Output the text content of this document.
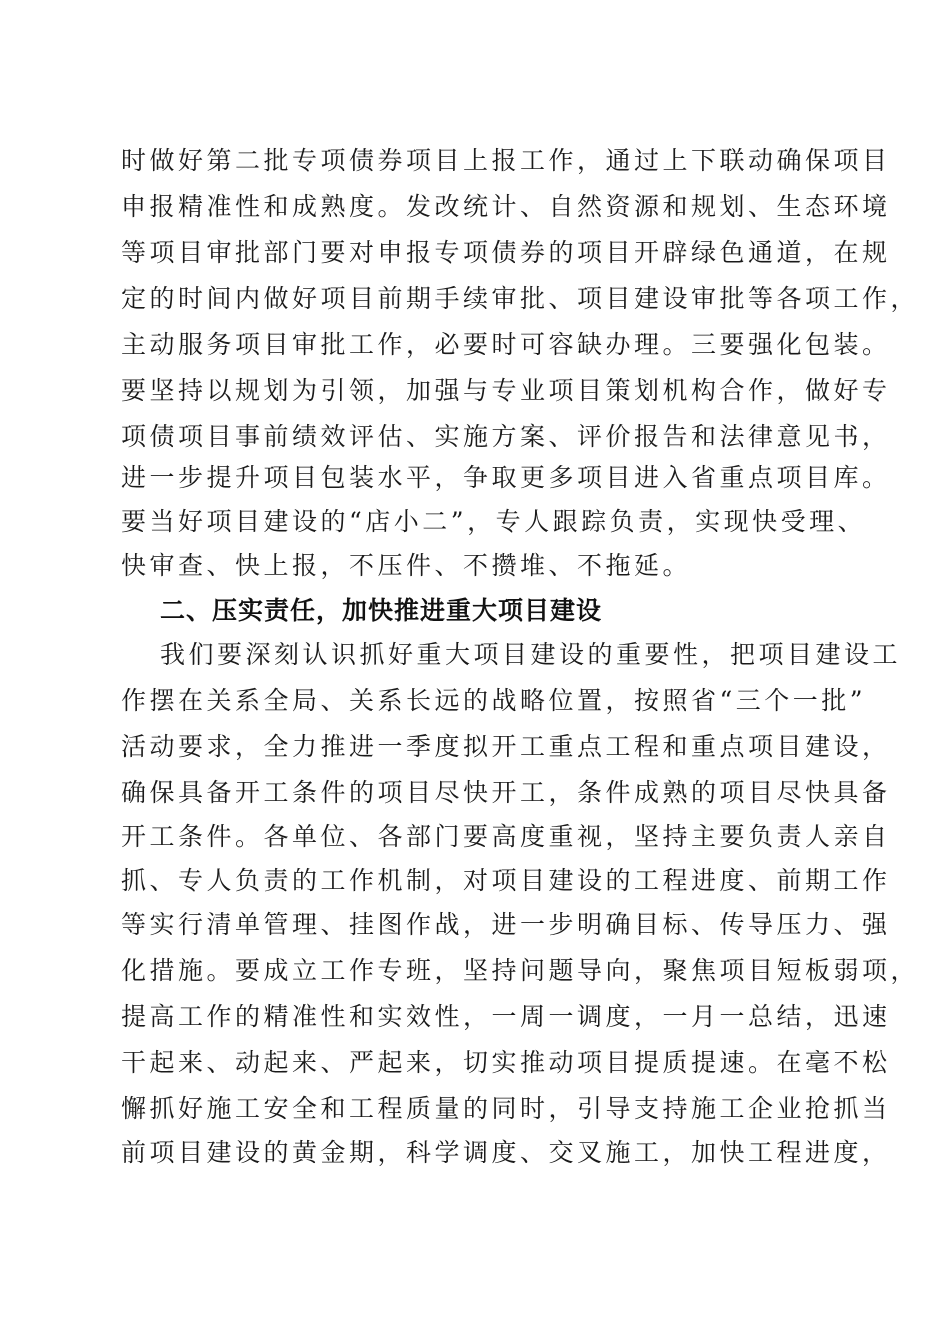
时做好第二批专项债券项目上报工作，通过上下联动确保项目
申报精准性和成熟度。发改统计、自然资源和规划、生态环境
等项目审批部门要对申报专项债券的项目开辟绿色通道，在规
定的时间内做好项目前期手续审批、项目建设审批等各项工作，
主动服务项目审批工作，必要时可容缺办理。三要强化包装。
要坚持以规划为引领，加强与专业项目策划机构合作，做好专
项债项目事前绩效评估、实施方案、评价报告和法律意见书，
进一步提升项目包装水平，争取更多项目进入省重点项目库。
要当好项目建设的“店小二”，专人跟踪负责，实现快受理、
快审查、快上报，不压件、不攒堆、不拖延。
二、压实责任，加快推进重大项目建设
我们要深刻认识抓好重大项目建设的重要性，把项目建设工
作摆在关系全局、关系长远的战略位置，按照省“三个一批”
活动要求，全力推进一季度拟开工重点工程和重点项目建设，
确保具备开工条件的项目尽快开工，条件成熟的项目尽快具备
开工条件。各单位、各部门要高度重视，坚持主要负责人亲自
抓、专人负责的工作机制，对项目建设的工程进度、前期工作
等实行清单管理、挂图作战，进一步明确目标、传导压力、强
化措施。要成立工作专班，坚持问题导向，聚焦项目短板弱项，
提高工作的精准性和实效性，一周一调度，一月一总结，迅速
干起来、动起来、严起来，切实推动项目提质提速。在毫不松
懈抓好施工安全和工程质量的同时，引导支持施工企业抢抓当
前项目建设的黄金期，科学调度、交叉施工，加快工程进度，
